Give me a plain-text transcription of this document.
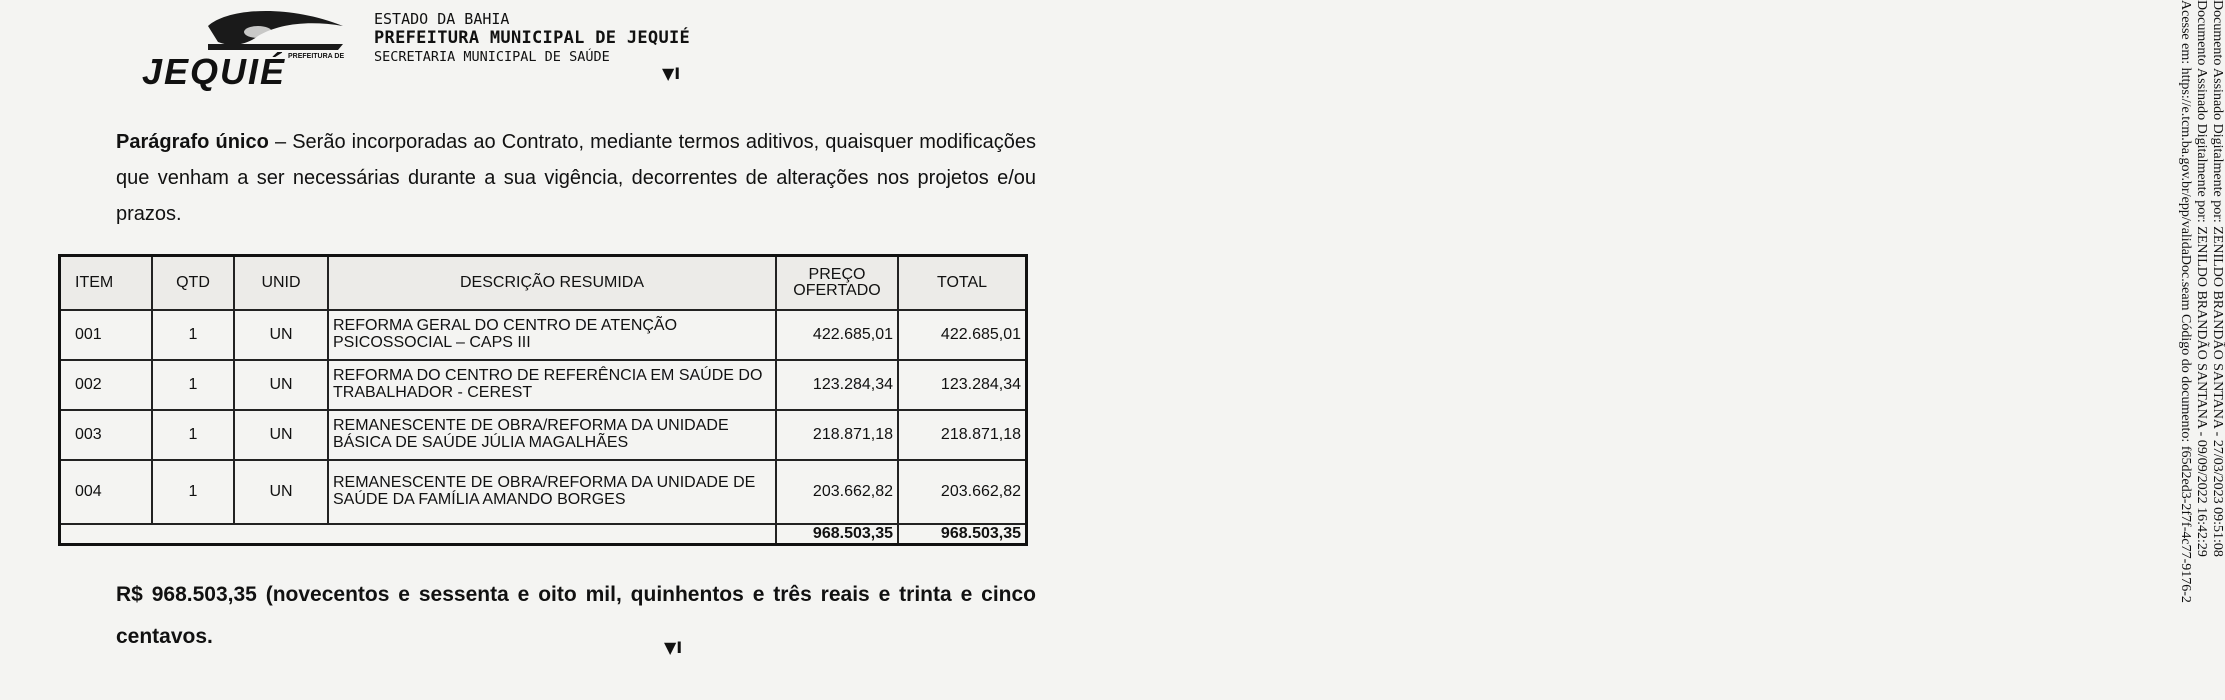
PREFEITURA DE
JEQUIÉ
ESTADO DA BAHIA
PREFEITURA MUNICIPAL DE JEQUIÉ
SECRETARIA MUNICIPAL DE SAÚDE
Parágrafo único – Serão incorporadas ao Contrato, mediante termos aditivos, quaisquer modificações que venham a ser necessárias durante a sua vigência, decorrentes de alterações nos projetos e/ou prazos.
ITEM	QTD	UNID	DESCRIÇÃO RESUMIDA	PREÇO OFERTADO	TOTAL
001	1	UN	REFORMA GERAL DO CENTRO DE ATENÇÃO PSICOSSOCIAL – CAPS III	422.685,01	422.685,01
002	1	UN	REFORMA DO CENTRO DE REFERÊNCIA EM SAÚDE DO TRABALHADOR - CEREST	123.284,34	123.284,34
003	1	UN	REMANESCENTE DE OBRA/REFORMA DA UNIDADE BÁSICA DE SAÚDE JÚLIA MAGALHÃES	218.871,18	218.871,18
004	1	UN	REMANESCENTE DE OBRA/REFORMA DA UNIDADE DE SAÚDE DA FAMÍLIA AMANDO BORGES	203.662,82	203.662,82
				968.503,35	968.503,35
R$ 968.503,35 (novecentos e sessenta e oito mil, quinhentos e três reais e trinta e cinco centavos.
▼I
▼I
Documento Assinado Digitalmente por: ZENILDO BRANDÃO SANTANA - 27/03/2023 09:51:08
Documento Assinado Digitalmente por: ZENILDO BRANDÃO SANTANA - 09/09/2022 16:42:29
Acesse em: https://e.tcm.ba.gov.br/epp/validaDoc.seam Código do documento: f65d2ed3-2f7f-4c77-9176-2
